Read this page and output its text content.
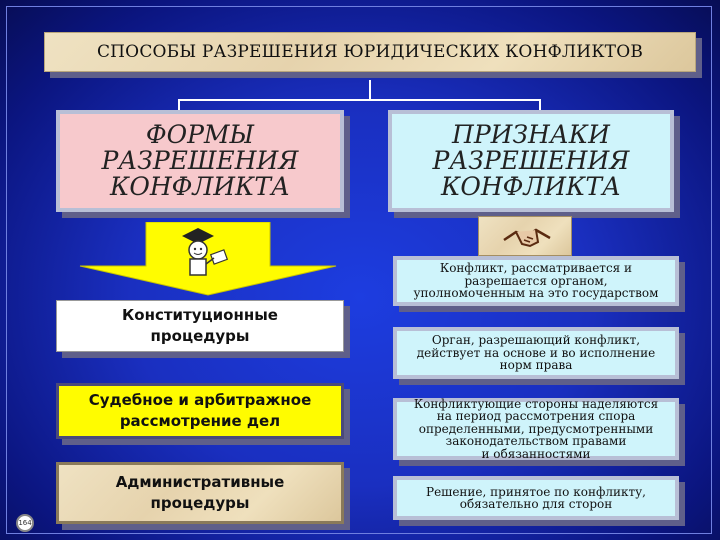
СПОСОБЫ РАЗРЕШЕНИЯ ЮРИДИЧЕСКИХ КОНФЛИКТОВ
ФОРМЫ
РАЗРЕШЕНИЯ
КОНФЛИКТА
ПРИЗНАКИ
РАЗРЕШЕНИЯ
КОНФЛИКТА
Конституционные
процедуры
Судебное и арбитражное
рассмотрение дел
Административные
процедуры
Конфликт, рассматривается и
разрешается органом,
уполномоченным на это государством
Орган, разрешающий конфликт,
действует на основе и во исполнение
норм права
Конфликтующие стороны наделяются
на период рассмотрения спора
определенными, предусмотренными
законодательством правами
и обязанностями
Решение, принятое по конфликту,
обязательно для сторон
164
